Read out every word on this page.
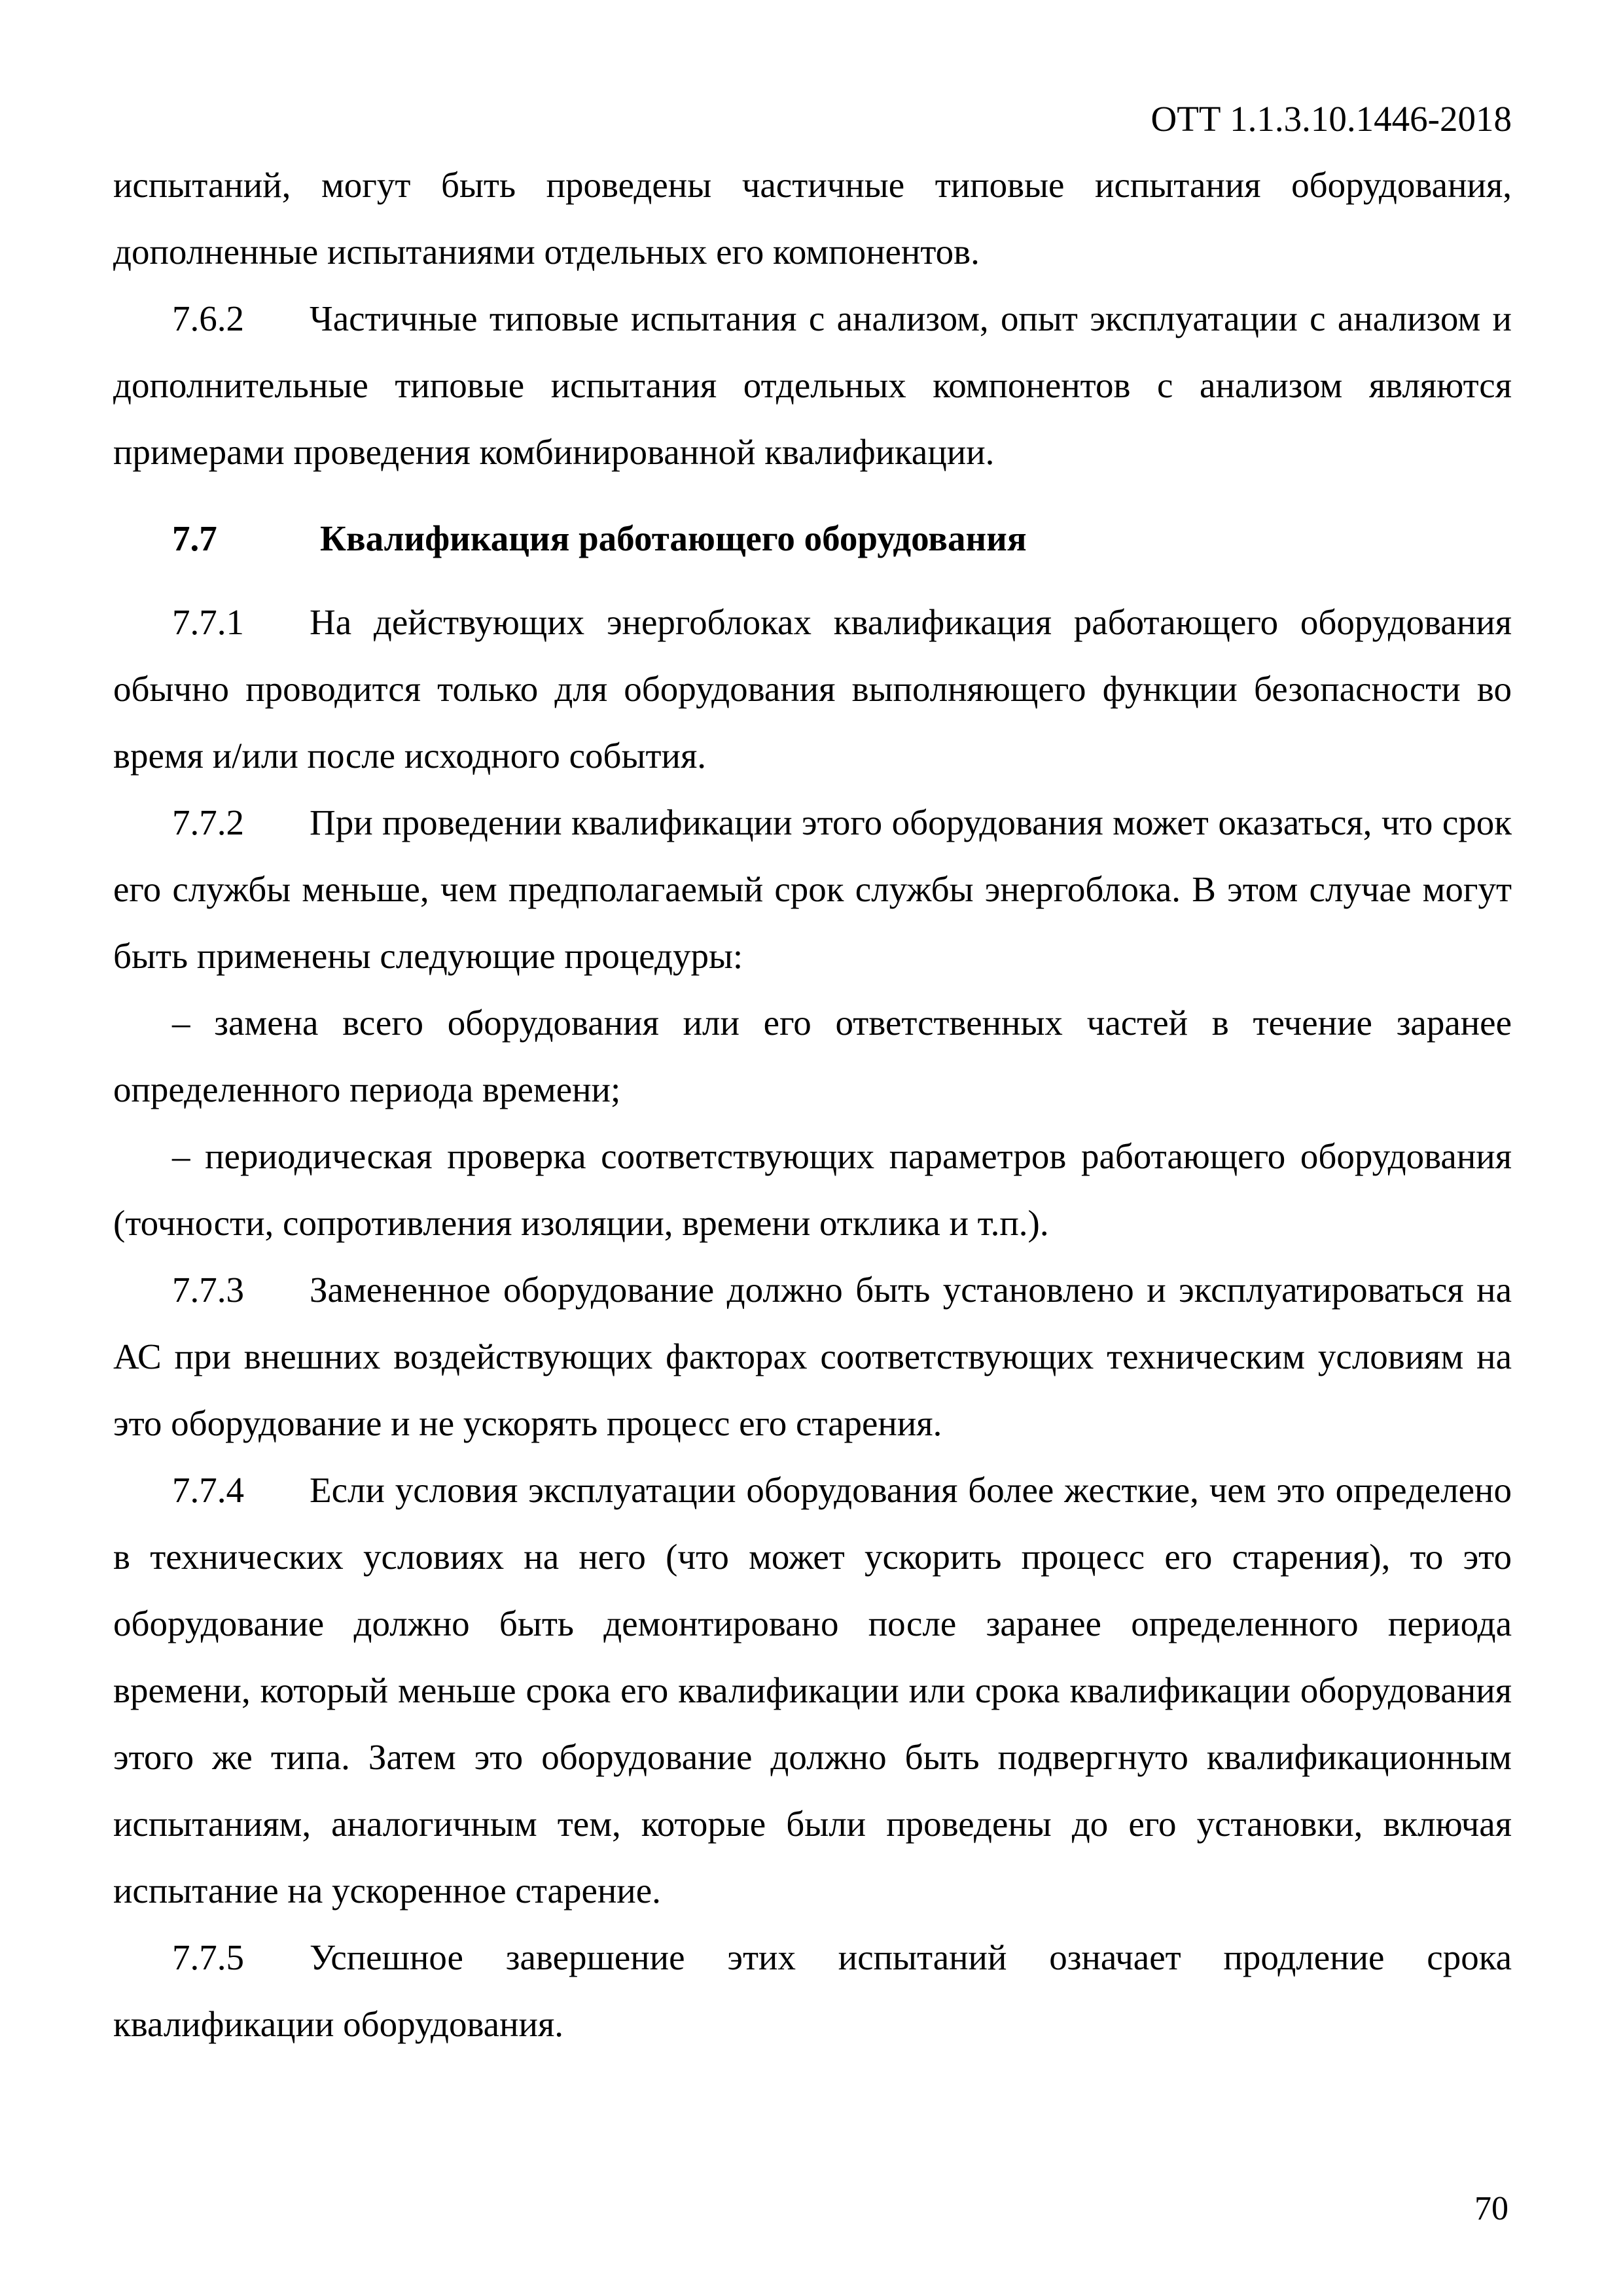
ОТТ 1.1.3.10.1446-2018

испытаний, могут быть проведены частичные типовые испытания оборудования, дополненные испытаниями отдельных его компонентов.

7.6.2 Частичные типовые испытания с анализом, опыт эксплуатации с анализом и дополнительные типовые испытания отдельных компонентов с анализом являются примерами проведения комбинированной квалификации.

7.7	Квалификация работающего оборудования

7.7.1 На действующих энергоблоках квалификация работающего оборудования обычно проводится только для оборудования выполняющего функции безопасности во время и/или после исходного события.

7.7.2 При проведении квалификации этого оборудования может оказаться, что срок его службы меньше, чем предполагаемый срок службы энергоблока. В этом случае могут быть применены следующие процедуры:

– замена всего оборудования или его ответственных частей в течение заранее определенного периода времени;

– периодическая проверка соответствующих параметров работающего оборудования (точности, сопротивления изоляции, времени отклика и т.п.).

7.7.3 Замененное оборудование должно быть установлено и эксплуатироваться на АС при внешних воздействующих факторах соответствующих техническим условиям на это оборудование и не ускорять процесс его старения.

7.7.4 Если условия эксплуатации оборудования более жесткие, чем это определено в технических условиях на него (что может ускорить процесс его старения), то это оборудование должно быть демонтировано после заранее определенного периода времени, который меньше срока его квалификации или срока квалификации оборудования этого же типа. Затем это оборудование должно быть подвергнуто квалификационным испытаниям, аналогичным тем, которые были проведены до его установки, включая испытание на ускоренное старение.

7.7.5 Успешное завершение этих испытаний означает продление срока квалификации оборудования.

70
